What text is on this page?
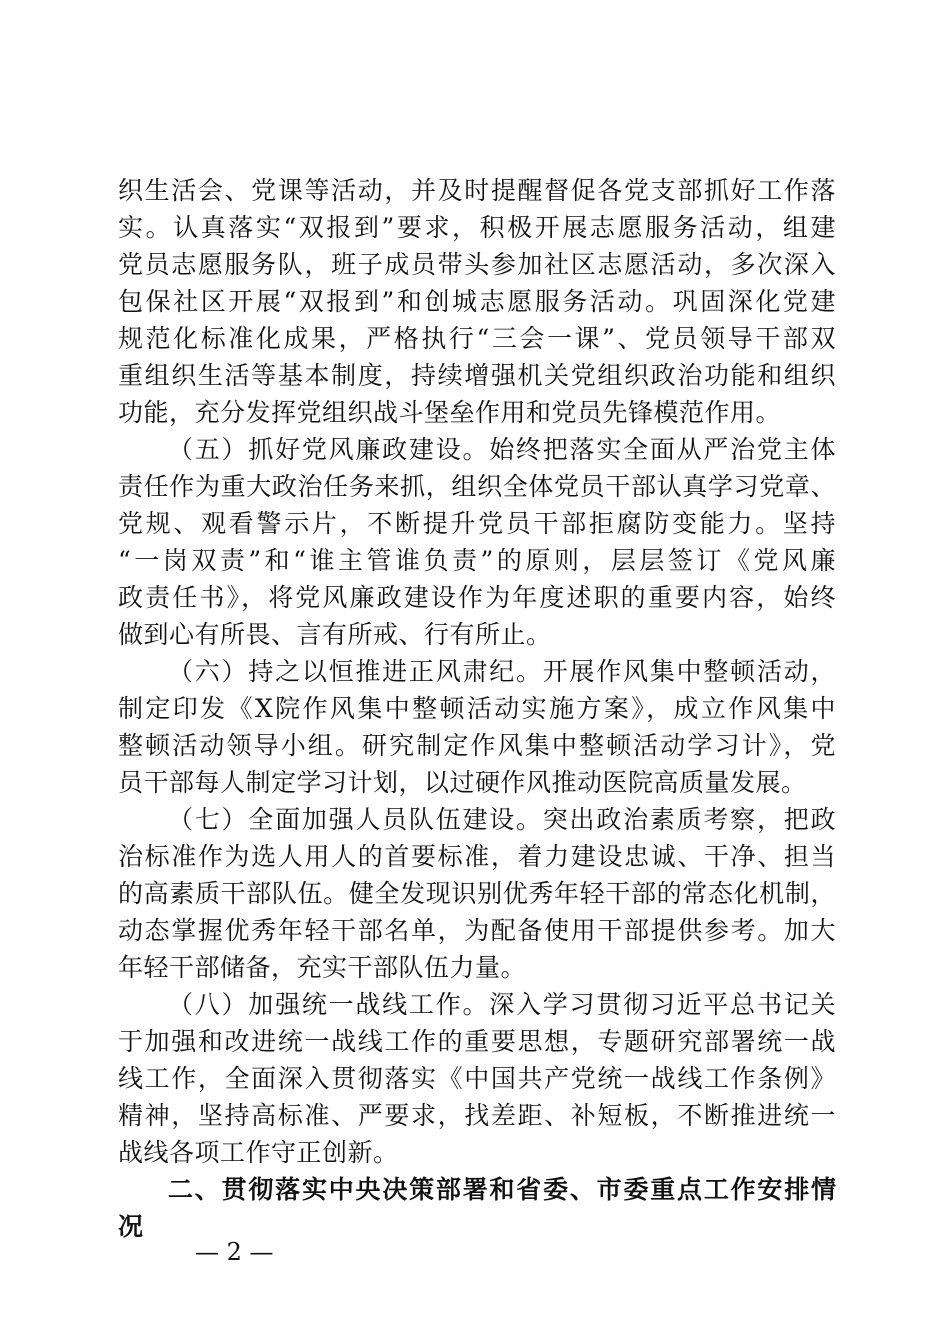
织生活会、党课等活动，并及时提醒督促各党支部抓好工作落
实。认真落实“双报到”要求，积极开展志愿服务活动，组建
党员志愿服务队，班子成员带头参加社区志愿活动，多次深入
包保社区开展“双报到”和创城志愿服务活动。巩固深化党建
规范化标准化成果，严格执行“三会一课”、党员领导干部双
重组织生活等基本制度，持续增强机关党组织政治功能和组织
功能，充分发挥党组织战斗堡垒作用和党员先锋模范作用。
（五）抓好党风廉政建设。始终把落实全面从严治党主体
责任作为重大政治任务来抓，组织全体党员干部认真学习党章、
党规、观看警示片，不断提升党员干部拒腐防变能力。坚持
“一岗双责”和“谁主管谁负责”的原则，层层签订《党风廉
政责任书》，将党风廉政建设作为年度述职的重要内容，始终
做到心有所畏、言有所戒、行有所止。
（六）持之以恒推进正风肃纪。开展作风集中整顿活动，
制定印发《X院作风集中整顿活动实施方案》，成立作风集中
整顿活动领导小组。研究制定作风集中整顿活动学习计》，党
员干部每人制定学习计划，以过硬作风推动医院高质量发展。
（七）全面加强人员队伍建设。突出政治素质考察，把政
治标准作为选人用人的首要标准，着力建设忠诚、干净、担当
的高素质干部队伍。健全发现识别优秀年轻干部的常态化机制，
动态掌握优秀年轻干部名单，为配备使用干部提供参考。加大
年轻干部储备，充实干部队伍力量。
（八）加强统一战线工作。深入学习贯彻习近平总书记关
于加强和改进统一战线工作的重要思想，专题研究部署统一战
线工作，全面深入贯彻落实《中国共产党统一战线工作条例》
精神，坚持高标准、严要求，找差距、补短板，不断推进统一
战线各项工作守正创新。
二、贯彻落实中央决策部署和省委、市委重点工作安排情
况
— 2 —
